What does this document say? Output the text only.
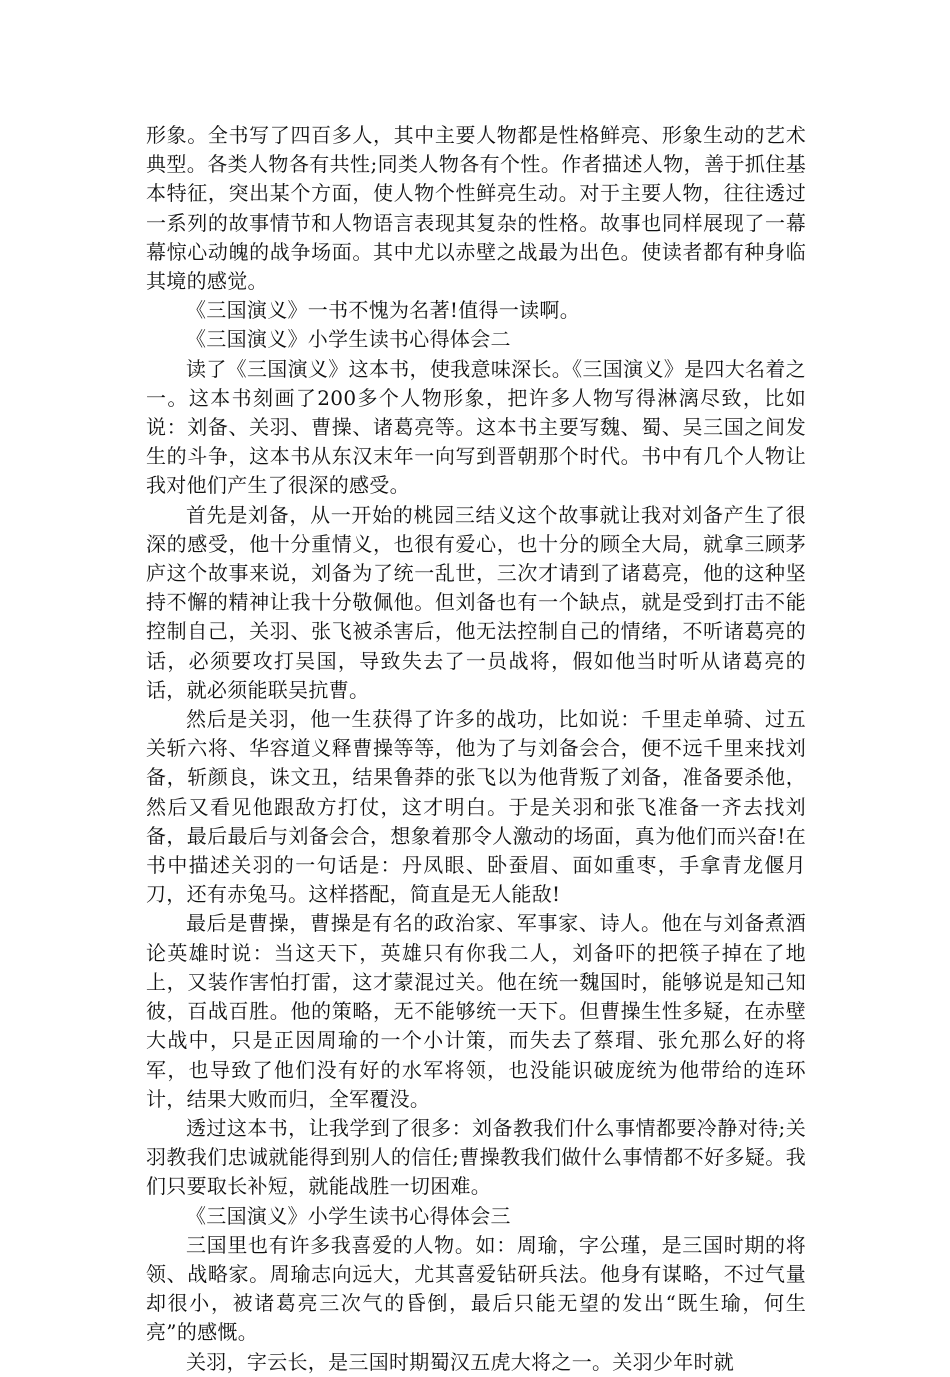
形象。全书写了四百多人，其中主要人物都是性格鲜亮、形象生动的艺术典型。各类人物各有共性;同类人物各有个性。作者描述人物，善于抓住基本特征，突出某个方面，使人物个性鲜亮生动。对于主要人物，往往透过一系列的故事情节和人物语言表现其复杂的性格。故事也同样展现了一幕幕惊心动魄的战争场面。其中尤以赤壁之战最为出色。使读者都有种身临其境的感觉。

《三国演义》一书不愧为名著!值得一读啊。

《三国演义》小学生读书心得体会二

读了《三国演义》这本书，使我意味深长。《三国演义》是四大名着之一。这本书刻画了200多个人物形象，把许多人物写得淋漓尽致，比如说：刘备、关羽、曹操、诸葛亮等。这本书主要写魏、蜀、吴三国之间发生的斗争，这本书从东汉末年一向写到晋朝那个时代。书中有几个人物让我对他们产生了很深的感受。

首先是刘备，从一开始的桃园三结义这个故事就让我对刘备产生了很深的感受，他十分重情义，也很有爱心，也十分的顾全大局，就拿三顾茅庐这个故事来说，刘备为了统一乱世，三次才请到了诸葛亮，他的这种坚持不懈的精神让我十分敬佩他。但刘备也有一个缺点，就是受到打击不能控制自己，关羽、张飞被杀害后，他无法控制自己的情绪，不听诸葛亮的话，必须要攻打吴国，导致失去了一员战将，假如他当时听从诸葛亮的话，就必须能联吴抗曹。

然后是关羽，他一生获得了许多的战功，比如说：千里走单骑、过五关斩六将、华容道义释曹操等等，他为了与刘备会合，便不远千里来找刘备，斩颜良，诛文丑，结果鲁莽的张飞以为他背叛了刘备，准备要杀他，然后又看见他跟敌方打仗，这才明白。于是关羽和张飞准备一齐去找刘备，最后最后与刘备会合，想象着那令人激动的场面，真为他们而兴奋!在书中描述关羽的一句话是：丹凤眼、卧蚕眉、面如重枣，手拿青龙偃月刀，还有赤兔马。这样搭配，简直是无人能敌!

最后是曹操，曹操是有名的政治家、军事家、诗人。他在与刘备煮酒论英雄时说：当这天下，英雄只有你我二人，刘备吓的把筷子掉在了地上，又装作害怕打雷，这才蒙混过关。他在统一魏国时，能够说是知己知彼，百战百胜。他的策略，无不能够统一天下。但曹操生性多疑，在赤壁大战中，只是正因周瑜的一个小计策，而失去了蔡瑁、张允那么好的将军，也导致了他们没有好的水军将领，也没能识破庞统为他带给的连环计，结果大败而归，全军覆没。

透过这本书，让我学到了很多：刘备教我们什么事情都要冷静对待;关羽教我们忠诚就能得到别人的信任;曹操教我们做什么事情都不好多疑。我们只要取长补短，就能战胜一切困难。

《三国演义》小学生读书心得体会三

三国里也有许多我喜爱的人物。如：周瑜，字公瑾，是三国时期的将领、战略家。周瑜志向远大，尤其喜爱钻研兵法。他身有谋略，不过气量却很小，被诸葛亮三次气的昏倒，最后只能无望的发出“既生瑜，何生亮”的感慨。

关羽，字云长，是三国时期蜀汉五虎大将之一。关羽少年时就
